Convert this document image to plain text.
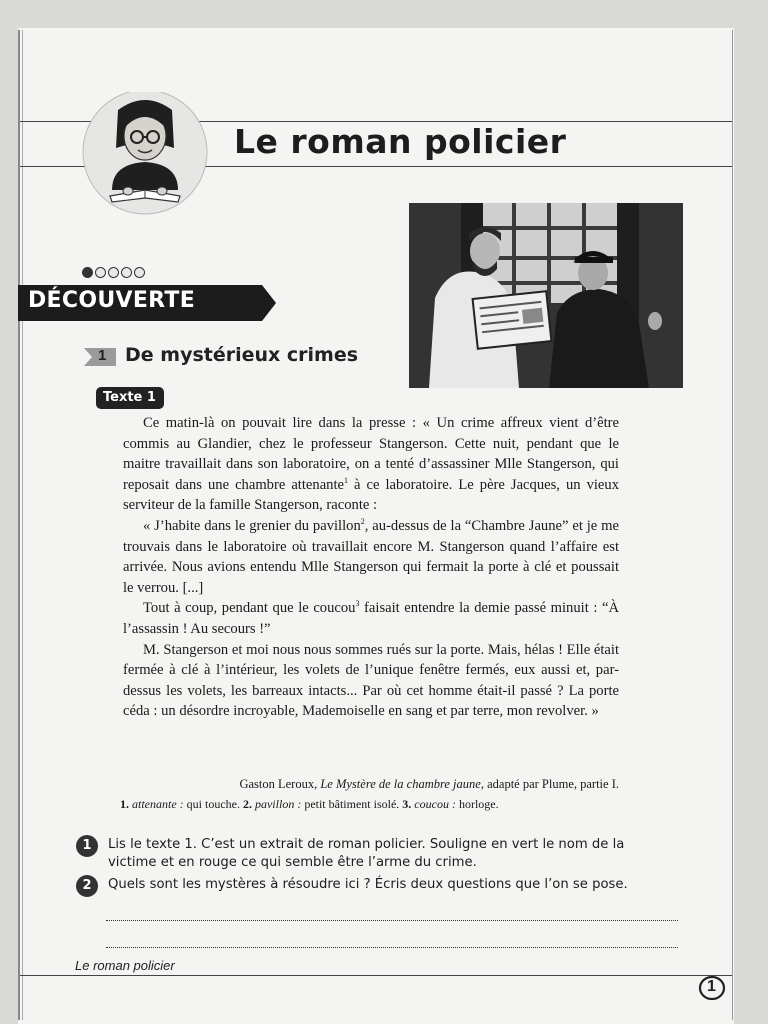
Le roman policier
DÉCOUVERTE
1 De mystérieux crimes
Texte 1

Ce matin-là on pouvait lire dans la presse : « Un crime affreux vient d’être commis au Glandier, chez le professeur Stangerson. Cette nuit, pendant que le maitre travaillait dans son laboratoire, on a tenté d’assassiner Mlle Stangerson, qui reposait dans une chambre attenante$^1$ à ce laboratoire. Le père Jacques, un vieux serviteur de la famille Stangerson, raconte :

« J’habite dans le grenier du pavillon$^2$, au-dessus de la “Chambre Jaune” et je me trouvais dans le laboratoire où travaillait encore M. Stangerson quand l’affaire est arrivée. Nous avions entendu Mlle Stangerson qui fermait la porte à clé et poussait le verrou. [...]

Tout à coup, pendant que le coucou$^3$ faisait entendre la demie passé minuit : “À l’assassin ! Au secours !”

M. Stangerson et moi nous nous sommes rués sur la porte. Mais, hélas ! Elle était fermée à clé à l’intérieur, les volets de l’unique fenêtre fermés, eux aussi et, par-dessus les volets, les barreaux intacts... Par où cet homme était-il passé ? La porte céda : un désordre incroyable, Mademoiselle en sang et par terre, mon revolver. »

Gaston Leroux, Le Mystère de la chambre jaune, adapté par Plume, partie I.
1. attenante : qui touche. 2. pavillon : petit bâtiment isolé. 3. coucou : horloge.
1	Lis le texte 1. C’est un extrait de roman policier. Souligne en vert le nom de la victime et en rouge ce qui semble être l’arme du crime.
2	Quels sont les mystères à résoudre ici ? Écris deux questions que l’on se pose.
Le roman policier
1
